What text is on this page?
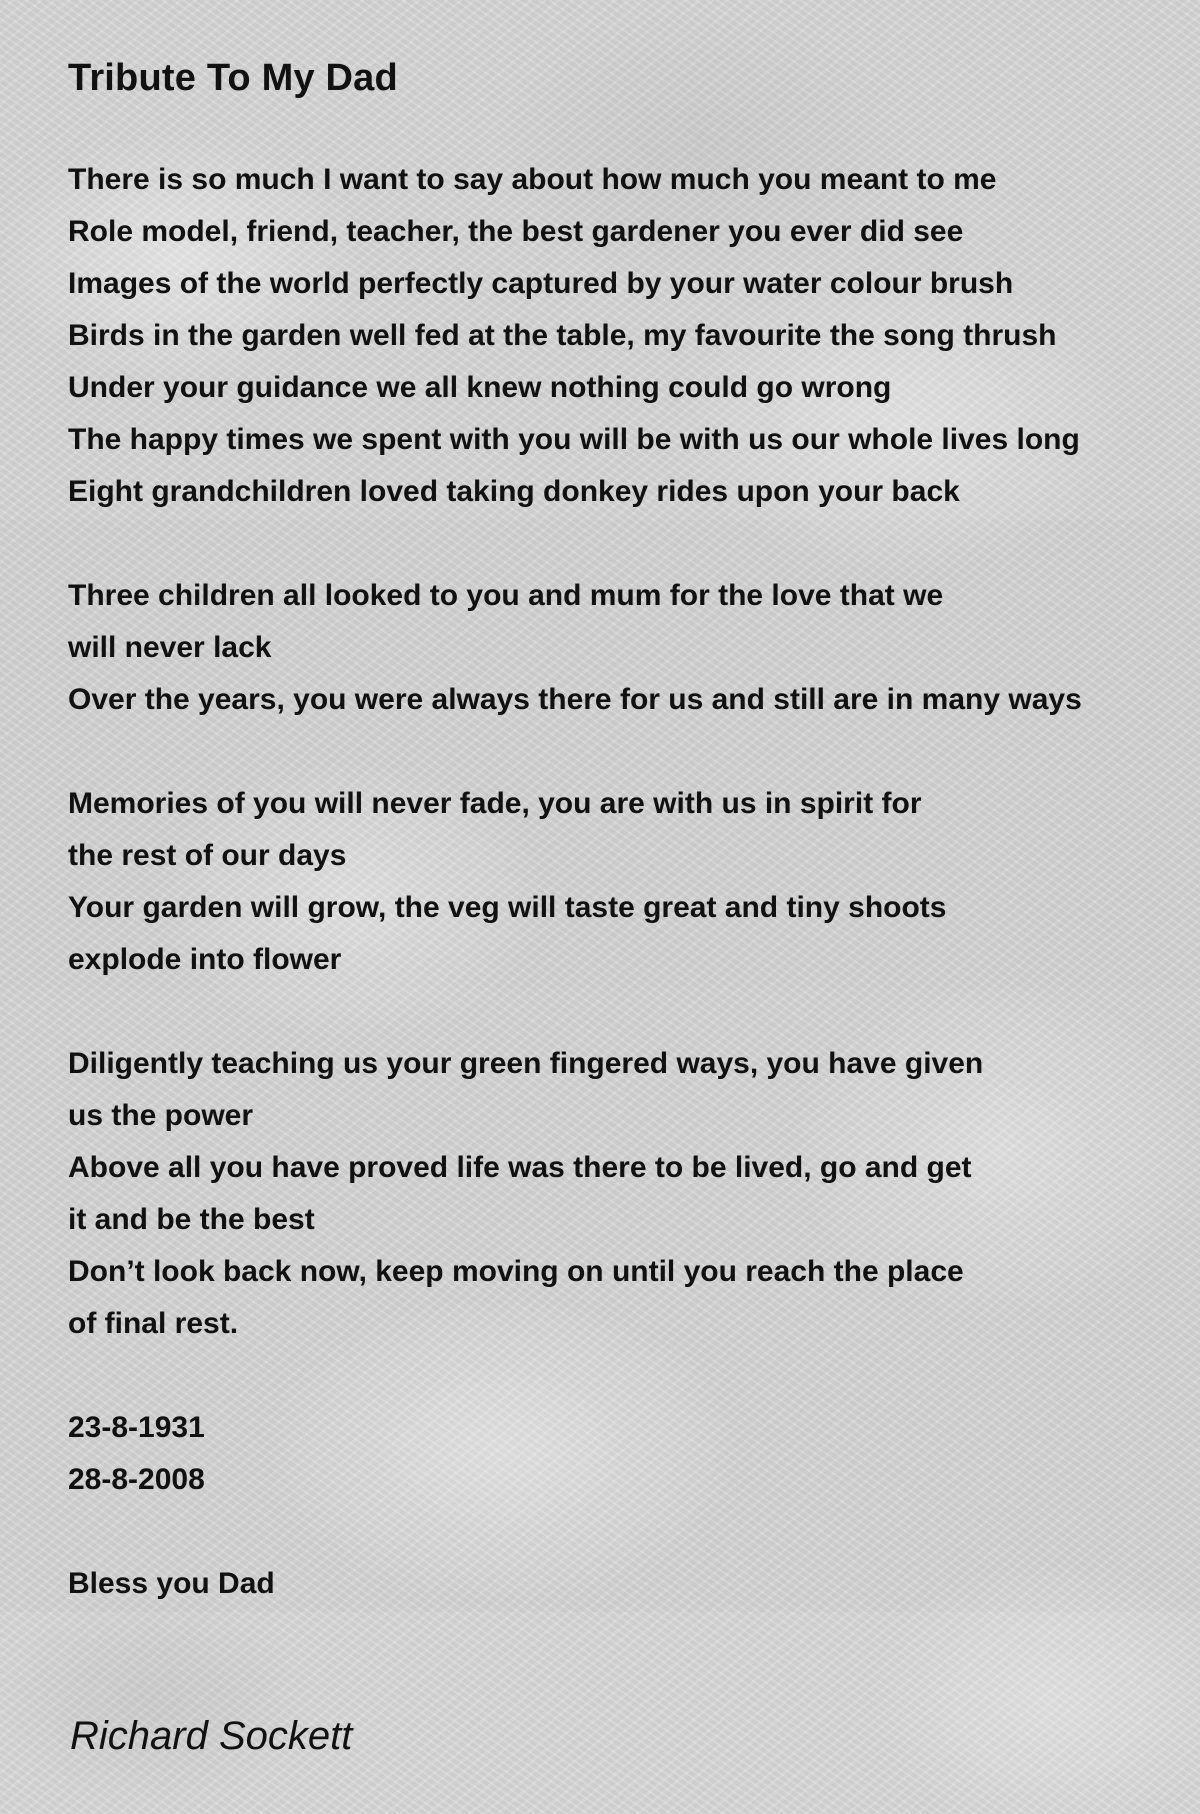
Tribute To My Dad
There is so much I want to say about how much you meant to me
Role model, friend, teacher, the best gardener you ever did see
Images of the world perfectly captured by your water colour brush
Birds in the garden well fed at the table, my favourite the song thrush
Under your guidance we all knew nothing could go wrong
The happy times we spent with you will be with us our whole lives long
Eight grandchildren loved taking donkey rides upon your back
Three children all looked to you and mum for the love that we
will never lack
Over the years, you were always there for us and still are in many ways
Memories of you will never fade, you are with us in spirit for
the rest of our days
Your garden will grow, the veg will taste great and tiny shoots
explode into flower
Diligently teaching us your green fingered ways, you have given
us the power
Above all you have proved life was there to be lived, go and get
it and be the best
Don’t look back now, keep moving on until you reach the place
of final rest.
23-8-1931
28-8-2008
Bless you Dad
Richard Sockett
